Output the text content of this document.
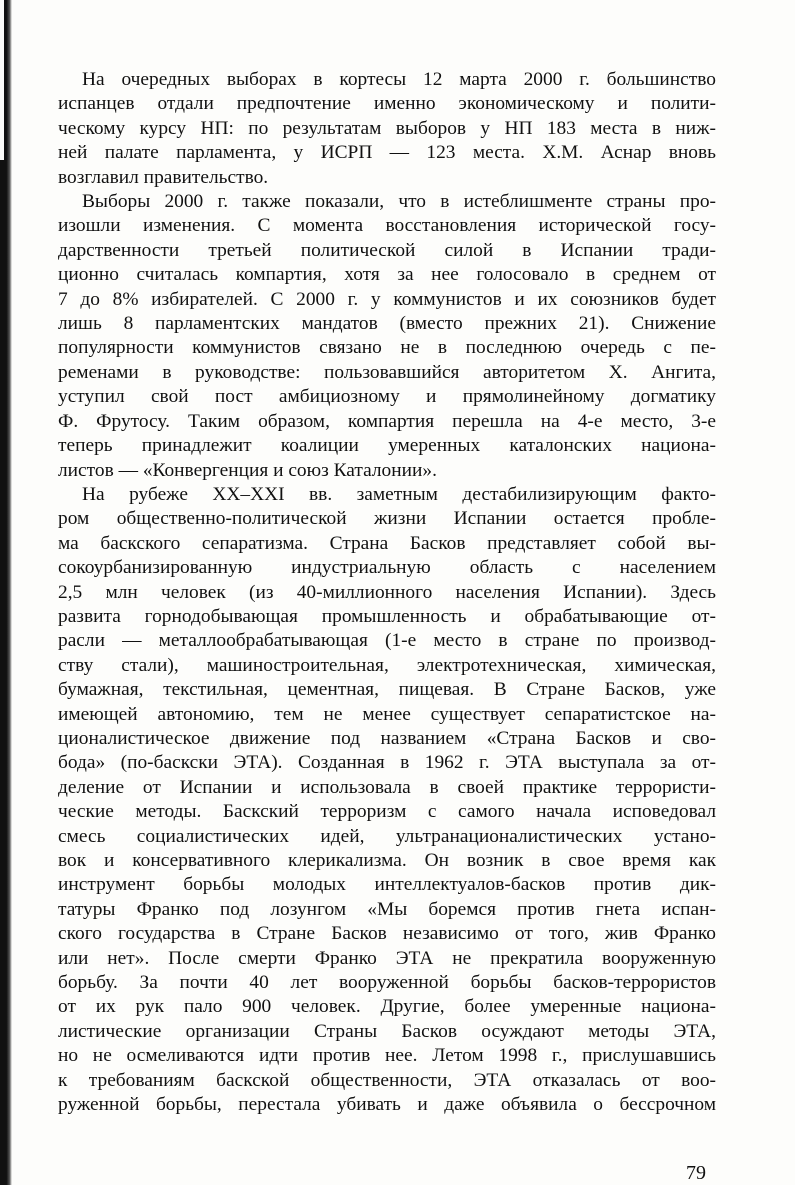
На очередных выборах в кортесы 12 марта 2000 г. большинство
испанцев отдали предпочтение именно экономическому и полити-
ческому курсу НП: по результатам выборов у НП 183 места в ниж-
ней палате парламента, у ИСРП — 123 места. Х.М. Аснар вновь
возглавил правительство.

Выборы 2000 г. также показали, что в истеблишменте страны про-
изошли изменения. С момента восстановления исторической госу-
дарственности третьей политической силой в Испании тради-
ционно считалась компартия, хотя за нее голосовало в среднем от
7 до 8% избирателей. С 2000 г. у коммунистов и их союзников будет
лишь 8 парламентских мандатов (вместо прежних 21). Снижение
популярности коммунистов связано не в последнюю очередь с пе-
ременами в руководстве: пользовавшийся авторитетом Х. Ангита,
уступил свой пост амбициозному и прямолинейному догматику
Ф. Фрутосу. Таким образом, компартия перешла на 4-е место, 3-е
теперь принадлежит коалиции умеренных каталонских национа-
листов — «Конвергенция и союз Каталонии».

На рубеже XX–XXI вв. заметным дестабилизирующим факто-
ром общественно-политической жизни Испании остается пробле-
ма баскского сепаратизма. Страна Басков представляет собой вы-
сокоурбанизированную индустриальную область с населением
2,5 млн человек (из 40-миллионного населения Испании). Здесь
развита горнодобывающая промышленность и обрабатывающие от-
расли — металлообрабатывающая (1-е место в стране по производ-
ству стали), машиностроительная, электротехническая, химическая,
бумажная, текстильная, цементная, пищевая. В Стране Басков, уже
имеющей автономию, тем не менее существует сепаратистское на-
ционалистическое движение под названием «Страна Басков и сво-
бода» (по-баскски ЭТА). Созданная в 1962 г. ЭТА выступала за от-
деление от Испании и использовала в своей практике террористи-
ческие методы. Баскский терроризм с самого начала исповедовал
смесь социалистических идей, ультранационалистических устано-
вок и консервативного клерикализма. Он возник в свое время как
инструмент борьбы молодых интеллектуалов-басков против дик-
татуры Франко под лозунгом «Мы боремся против гнета испан-
ского государства в Стране Басков независимо от того, жив Франко
или нет». После смерти Франко ЭТА не прекратила вооруженную
борьбу. За почти 40 лет вооруженной борьбы басков-террористов
от их рук пало 900 человек. Другие, более умеренные национа-
листические организации Страны Басков осуждают методы ЭТА,
но не осмеливаются идти против нее. Летом 1998 г., прислушавшись
к требованиям баскской общественности, ЭТА отказалась от воо-
руженной борьбы, перестала убивать и даже объявила о бессрочном

79
